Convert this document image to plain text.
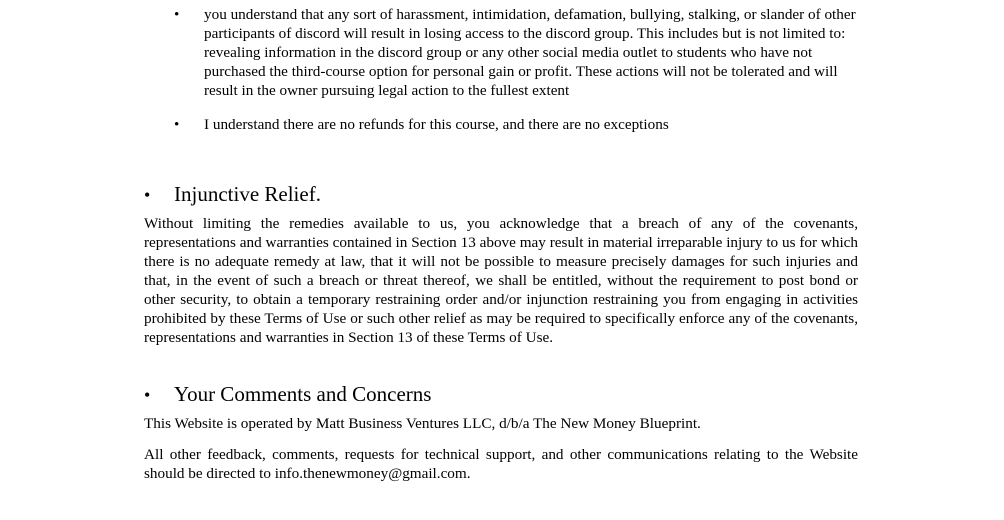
•	you understand that any sort of harassment, intimidation, defamation, bullying, stalking, or slander of other participants of discord will result in losing access to the discord group. This includes but is not limited to: revealing information in the discord group or any other social media outlet to students who have not purchased the third-course option for personal gain or profit. These actions will not be tolerated and will result in the owner pursuing legal action to the fullest extent
•	I understand there are no refunds for this course, and there are no exceptions
•	Injunctive Relief.
Without limiting the remedies available to us, you acknowledge that a breach of any of the covenants, representations and warranties contained in Section 13 above may result in material irreparable injury to us for which there is no adequate remedy at law, that it will not be possible to measure precisely damages for such injuries and that, in the event of such a breach or threat thereof, we shall be entitled, without the requirement to post bond or other security, to obtain a temporary restraining order and/or injunction restraining you from engaging in activities prohibited by these Terms of Use or such other relief as may be required to specifically enforce any of the covenants, representations and warranties in Section 13 of these Terms of Use.
•	Your Comments and Concerns
This Website is operated by Matt Business Ventures LLC, d/b/a The New Money Blueprint.
All other feedback, comments, requests for technical support, and other communications relating to the Website should be directed to info.thenewmoney@gmail.com.
